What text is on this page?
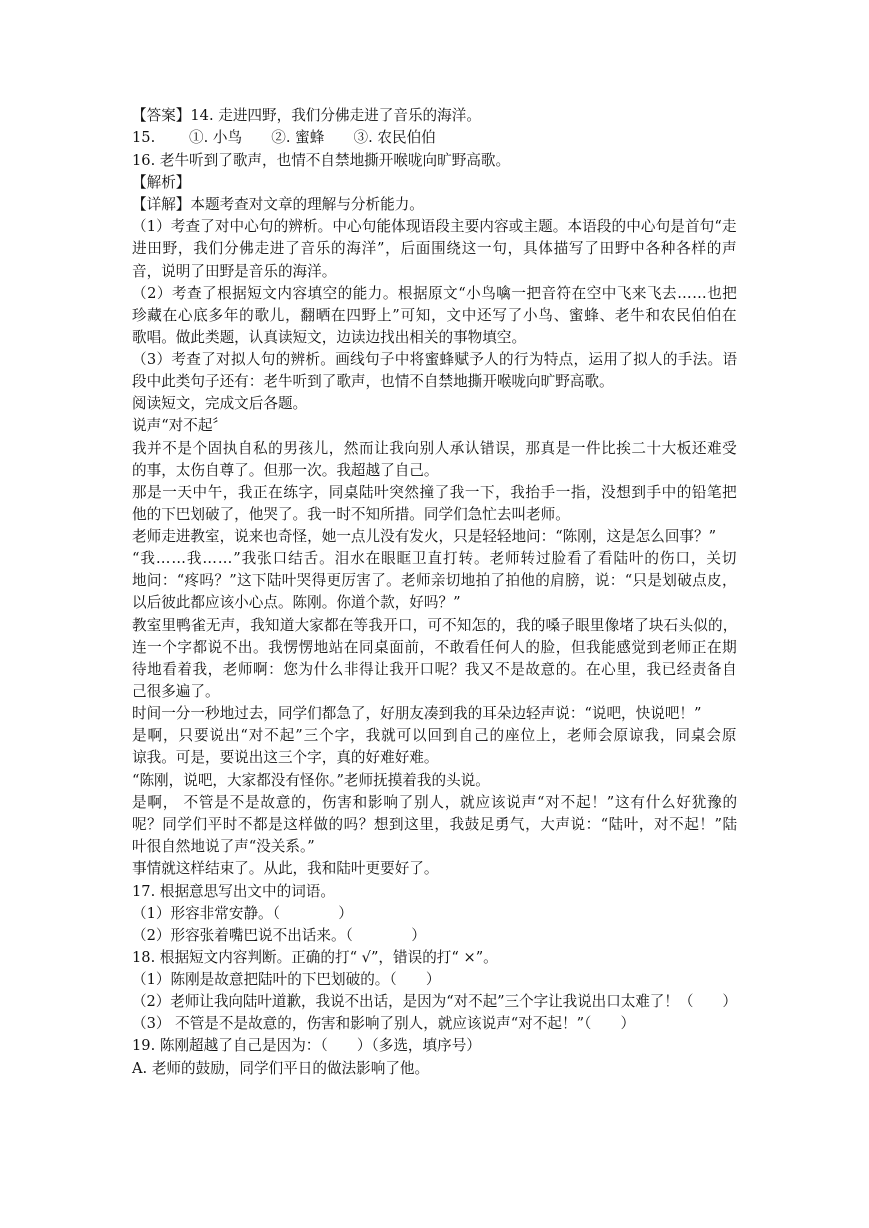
【答案】14. 走进四野，我们分佛走进了音乐的海洋。
15.　　 ①. 小鸟　　②. 蜜蜂　　③. 农民伯伯
16. 老牛听到了歌声，也情不自禁地撕开喉咙向旷野高歌。
【解析】
【详解】本题考查对文章的理解与分析能力。
（1）考查了对中心句的辨析。中心句能体现语段主要内容或主题。本语段的中心句是首句“走
进田野，我们分佛走进了音乐的海洋”，后面围绕这一句，具体描写了田野中各种各样的声
音，说明了田野是音乐的海洋。
（2）考查了根据短文内容填空的能力。根据原文“小鸟噙一把音符在空中飞来飞去……也把
珍藏在心底多年的歌儿，翻晒在四野上”可知，文中还写了小鸟、蜜蜂、老牛和农民伯伯在
歌唱。做此类题，认真读短文，边读边找出相关的事物填空。
（3）考查了对拟人句的辨析。画线句子中将蜜蜂赋予人的行为特点，运用了拟人的手法。语
段中此类句子还有：老牛听到了歌声，也情不自禁地撕开喉咙向旷野高歌。
阅读短文，完成文后各题。
说声“对不起〞
我并不是个固执自私的男孩儿，然而让我向别人承认错误，那真是一件比挨二十大板还难受
的事，太伤自尊了。但那一次。我超越了自己。
那是一天中午，我正在练字，同桌陆叶突然撞了我一下，我抬手一指，没想到手中的铅笔把
他的下巴划破了，他哭了。我一时不知所措。同学们急忙去叫老师。
老师走进教室，说来也奇怪，她一点儿没有发火，只是轻轻地问：“陈刚，这是怎么回事？”
“我……我……”我张口结舌。泪水在眼眶卫直打转。老师转过脸看了看陆叶的伤口，关切
地问：“疼吗？”这下陆叶哭得更厉害了。老师亲切地拍了拍他的肩膀，说：“只是划破点皮，
以后彼此都应该小心点。陈刚。你道个款，好吗？”
教室里鸭雀无声，我知道大家都在等我开口，可不知怎的，我的嗓子眼里像堵了块石头似的，
连一个字都说不出。我愣愣地站在同桌面前，不敢看任何人的脸，但我能感觉到老师正在期
待地看着我，老师啊：您为什么非得让我开口呢？我又不是故意的。在心里，我已经责备自
己很多遍了。
时间一分一秒地过去，同学们都急了，好朋友凑到我的耳朵边轻声说：“说吧，快说吧！”
是啊，只要说出“对不起”三个字，我就可以回到自己的座位上，老师会原谅我，同桌会原
谅我。可是，要说出这三个字，真的好难好难。
“陈刚，说吧，大家都没有怪你。”老师抚摸着我的头说。
是啊， 不管是不是故意的，伤害和影响了别人，就应该说声“对不起！”这有什么好犹豫的
呢？同学们平时不都是这样做的吗？想到这里，我鼓足勇气，大声说：“陆叶，对不起！”陆
叶很自然地说了声“没关系。”
事情就这样结束了。从此，我和陆叶更要好了。
17. 根据意思写出文中的词语。
（1）形容非常安静。（　　　　）
（2）形容张着嘴巴说不出话来。（　　　　）
18. 根据短文内容判断。正确的打“ √”，错误的打“ ×”。
（1）陈刚是故意把陆叶的下巴划破的。（　　）
（2）老师让我向陆叶道歉，我说不出话，是因为“对不起”三个字让我说出口太难了！（　　）
（3） 不管是不是故意的，伤害和影响了别人，就应该说声“对不起！”（　　）
19. 陈刚超越了自己是因为：（　　）（多选，填序号）
A. 老师的鼓励，同学们平日的做法影响了他。
